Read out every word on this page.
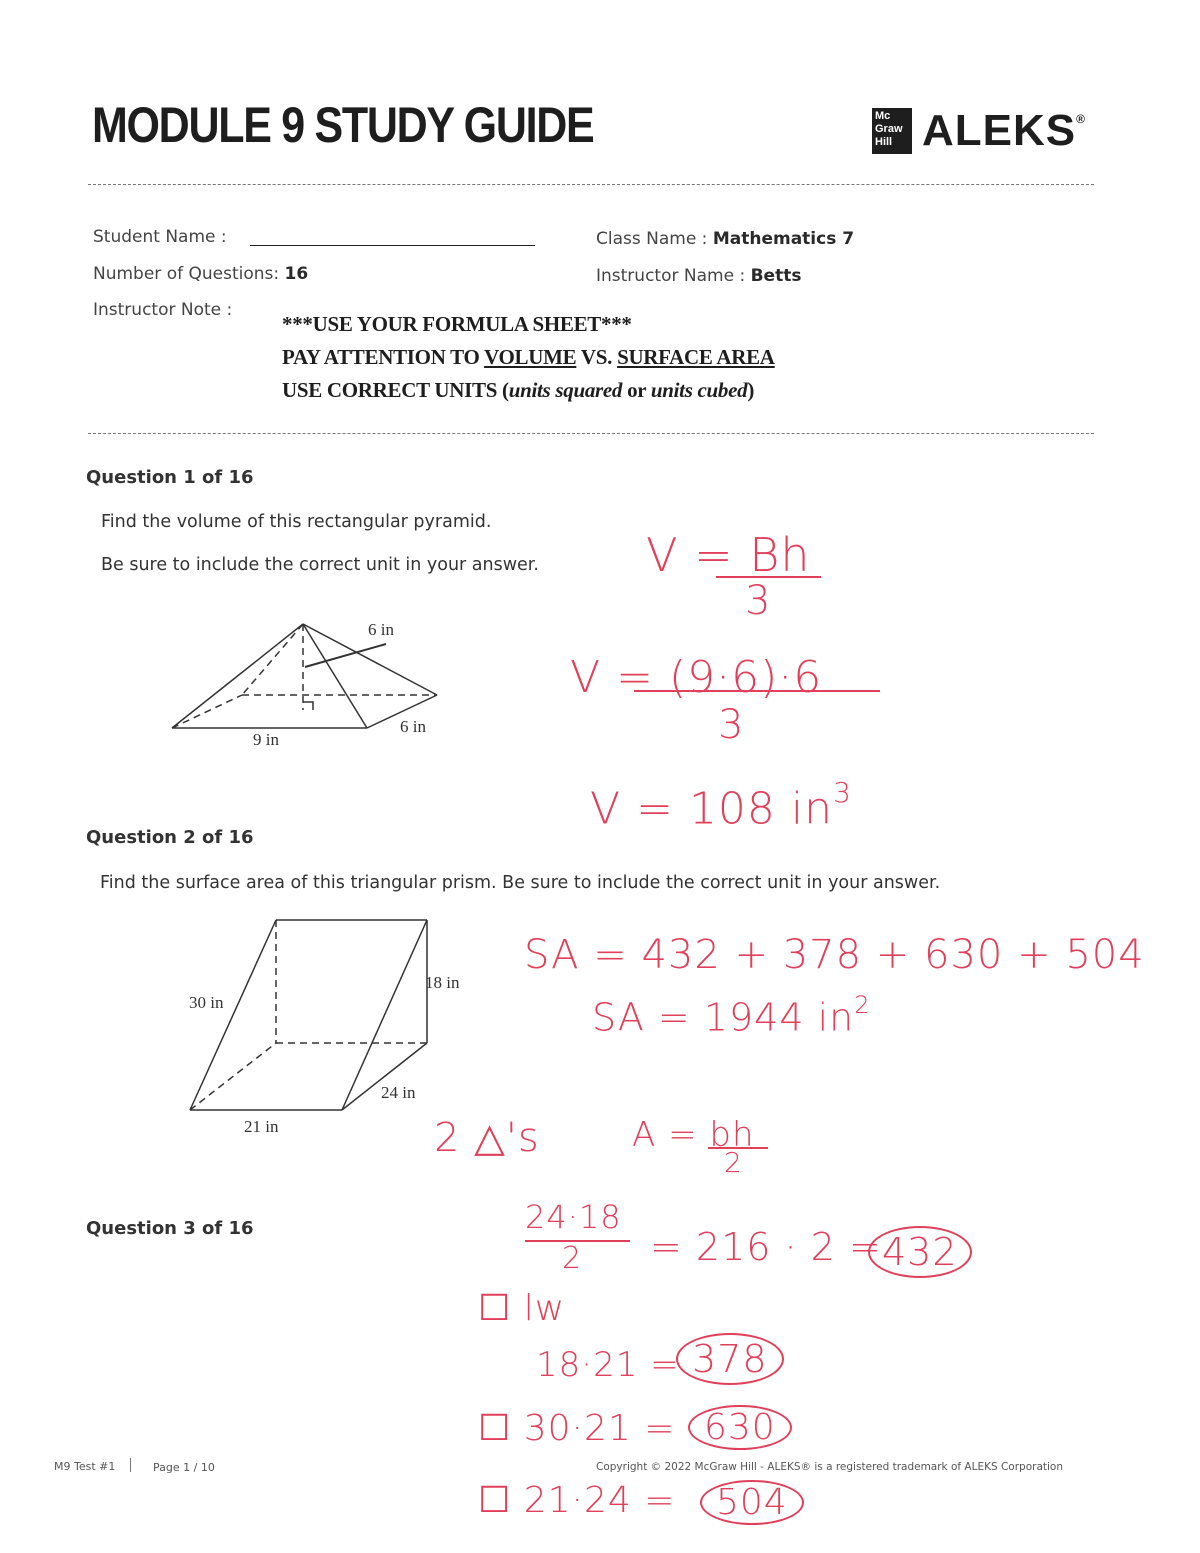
MODULE 9 STUDY GUIDE	Mc
Graw
Hill ALEKS®
Student Name :
Number of Questions: 16
Instructor Note :
Class Name : Mathematics 7
Instructor Name : Betts
***USE YOUR FORMULA SHEET***
PAY ATTENTION TO VOLUME VS. SURFACE AREA
USE CORRECT UNITS (units squared or units cubed)
Question 1 of 16
Find the volume of this rectangular pyramid.
Be sure to include the correct unit in your answer.
6 in
6 in
9 in
V = Bh
3
V = (9·6)·6
3
V = 108 $in^3$
Question 2 of 16
Find the surface area of this triangular prism. Be sure to include the correct unit in your answer.
30 in
18 in
24 in
21 in
SA = 432 + 378 + 630 + 504
SA = 1944 $in^2$
2 △'s	A = bh
2
Question 3 of 16	24·18
2 = 216 · 2 = 432
☐ lw
18·21 = 378
☐ 30·21 = 630
☐ 21·24 =	504
M9 Test #1	Page 1 / 10	Copyright © 2022 McGraw Hill - ALEKS® is a registered trademark of ALEKS Corporation
